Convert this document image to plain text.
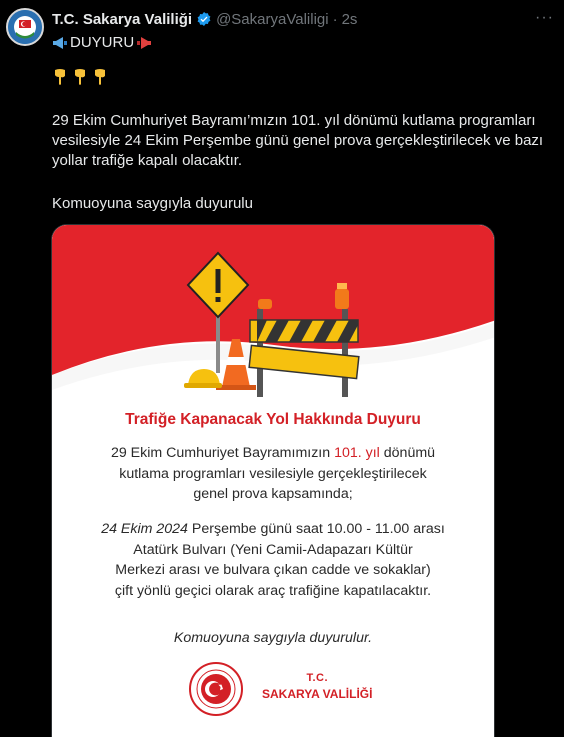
T.C. Sakarya Valiliği @SakaryaValiligi · 2s	···
DUYURU
29 Ekim Cumhuriyet Bayramı’mızın 101. yıl dönümü kutlama programları vesilesiyle 24 Ekim Perşembe günü genel prova gerçekleştirilecek ve bazı yollar trafiğe kapalı olacaktır.
Komuoyuna saygıyla duyurulu
Trafiğe Kapanacak Yol Hakkında Duyuru
29 Ekim Cumhuriyet Bayramımızın 101. yıl dönümü
kutlama programları vesilesiyle gerçekleştirilecek
genel prova kapsamında;
24 Ekim 2024 Perşembe günü saat 10.00 - 11.00 arası
Atatürk Bulvarı (Yeni Camii-Adapazarı Kültür
Merkezi arası ve bulvara çıkan cadde ve sokaklar)
çift yönlü geçici olarak araç trafiğine kapatılacaktır.
Komuoyuna saygıyla duyurulur.
T.C.
SAKARYA VALİLİĞİ
